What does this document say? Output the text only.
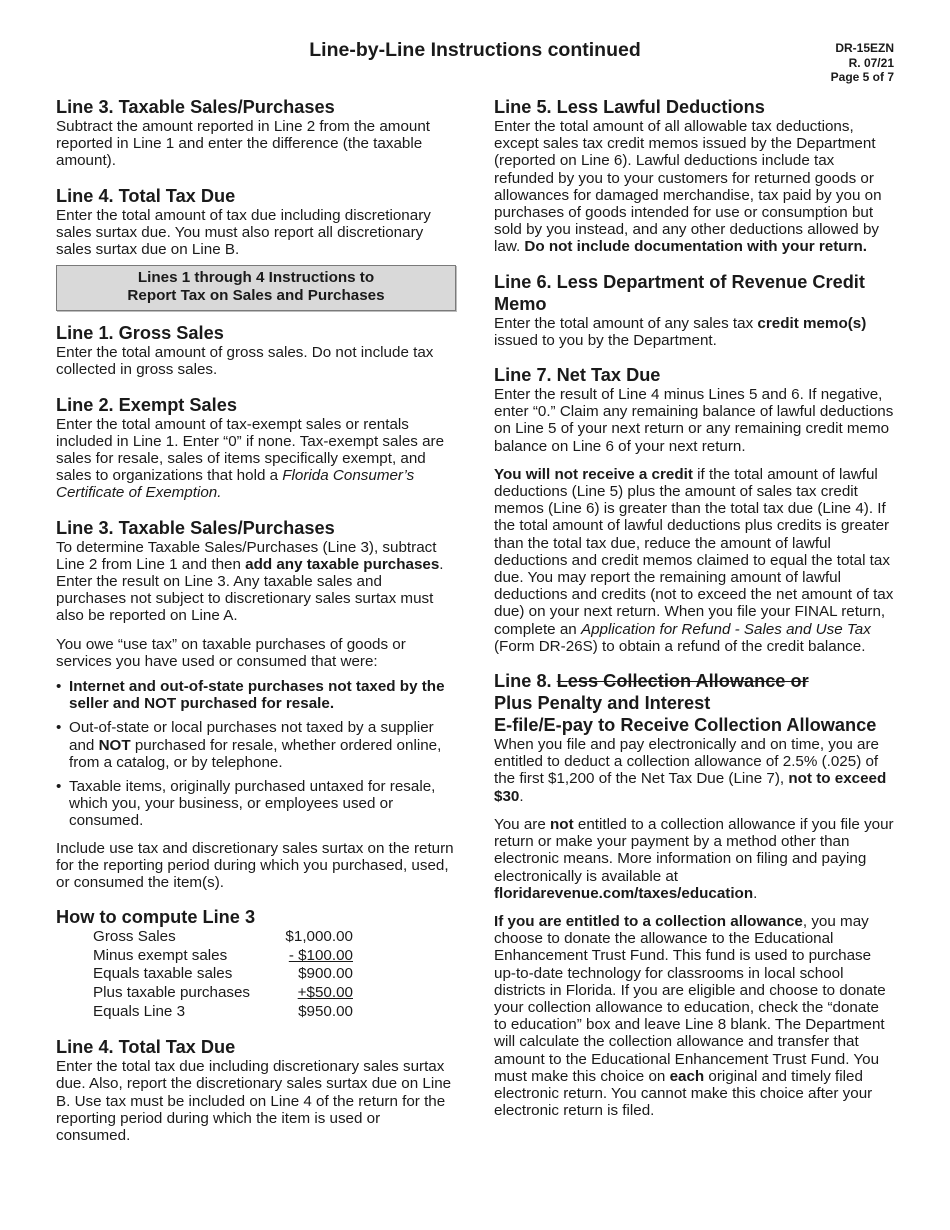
Line-by-Line Instructions continued	DR-15EZN
R. 07/21
Page 5 of 7
Line 3. Taxable Sales/Purchases

Subtract the amount reported in Line 2 from the amount reported in Line 1 and enter the difference (the taxable amount).

Line 4. Total Tax Due

Enter the total amount of tax due including discretionary sales surtax due. You must also report all discretionary sales surtax due on Line B.

Lines 1 through 4 Instructions to
Report Tax on Sales and Purchases
Line 1. Gross Sales

Enter the total amount of gross sales. Do not include tax collected in gross sales.

Line 2. Exempt Sales

Enter the total amount of tax-exempt sales or rentals included in Line 1. Enter “0” if none. Tax-exempt sales are sales for resale, sales of items specifically exempt, and sales to organizations that hold a Florida Consumer’s Certificate of Exemption.

Line 3. Taxable Sales/Purchases

To determine Taxable Sales/Purchases (Line 3), subtract Line 2 from Line 1 and then add any taxable purchases. Enter the result on Line 3. Any taxable sales and purchases not subject to discretionary sales surtax must also be reported on Line A.

You owe “use tax” on taxable purchases of goods or services you have used or consumed that were:

• Internet and out-of-state purchases not taxed by the seller and NOT purchased for resale.
• Out-of-state or local purchases not taxed by a supplier and NOT purchased for resale, whether ordered online, from a catalog, or by telephone.
• Taxable items, originally purchased untaxed for resale, which you, your business, or employees used or consumed.

Include use tax and discretionary sales surtax on the return for the reporting period during which you purchased, used, or consumed the item(s).

How to compute Line 3
Gross Sales	$1,000.00
Minus exempt sales	- $100.00
Equals taxable sales	$900.00
Plus taxable purchases	+$50.00
Equals Line 3	$950.00
Line 4. Total Tax Due

Enter the total tax due including discretionary sales surtax due. Also, report the discretionary sales surtax due on Line B. Use tax must be included on Line 4 of the return for the reporting period during which the item is used or consumed.

Line 5. Less Lawful Deductions

Enter the total amount of all allowable tax deductions, except sales tax credit memos issued by the Department (reported on Line 6). Lawful deductions include tax refunded by you to your customers for returned goods or allowances for damaged merchandise, tax paid by you on purchases of goods intended for use or consumption but sold by you instead, and any other deductions allowed by law. Do not include documentation with your return.

Line 6. Less Department of Revenue Credit Memo

Enter the total amount of any sales tax credit memo(s) issued to you by the Department.

Line 7. Net Tax Due

Enter the result of Line 4 minus Lines 5 and 6. If negative, enter “0.” Claim any remaining balance of lawful deductions on Line 5 of your next return or any remaining credit memo balance on Line 6 of your next return.

You will not receive a credit if the total amount of lawful deductions (Line 5) plus the amount of sales tax credit memos (Line 6) is greater than the total tax due (Line 4). If the total amount of lawful deductions plus credits is greater than the total tax due, reduce the amount of lawful deductions and credit memos claimed to equal the total tax due. You may report the remaining amount of lawful deductions and credits (not to exceed the net amount of tax due) on your next return. When you file your FINAL return, complete an Application for Refund - Sales and Use Tax (Form DR-26S) to obtain a refund of the credit balance.

Line 8. Less Collection Allowance or
Plus Penalty and Interest
E-file/E-pay to Receive Collection Allowance

When you file and pay electronically and on time, you are entitled to deduct a collection allowance of 2.5% (.025) of the first $1,200 of the Net Tax Due (Line 7), not to exceed $30.

You are not entitled to a collection allowance if you file your return or make your payment by a method other than electronic means. More information on filing and paying electronically is available at
floridarevenue.com/taxes/education.

If you are entitled to a collection allowance, you may choose to donate the allowance to the Educational Enhancement Trust Fund. This fund is used to purchase up-to-date technology for classrooms in local school districts in Florida. If you are eligible and choose to donate your collection allowance to education, check the “donate to education” box and leave Line 8 blank. The Department will calculate the collection allowance and transfer that amount to the Educational Enhancement Trust Fund. You must make this choice on each original and timely filed electronic return. You cannot make this choice after your electronic return is filed.
